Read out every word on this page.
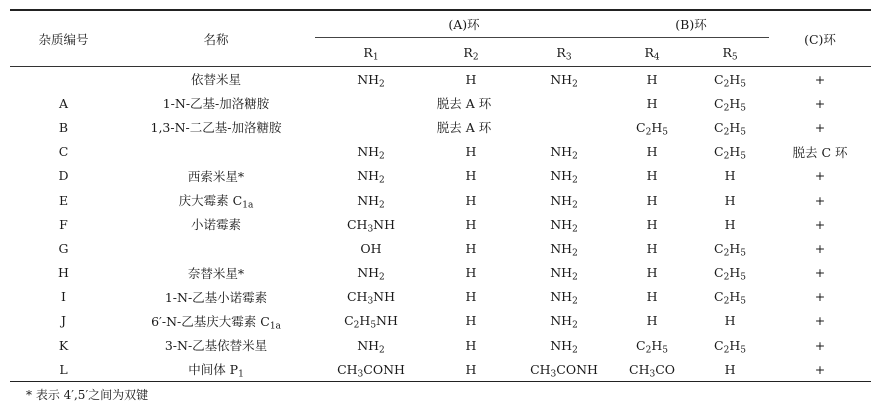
杂质编号	名称	(A)环			(B)环		(C)环
		$R_1$	$R_2$	$R_3$	$R_4$	$R_5$
	依替米星	$NH_2$	H	$NH_2$	H	$C_2H_5$	+
A	1-N-乙基-加洛糖胺	脱去 A 环			H	$C_2H_5$	+
B	1,3-N-二乙基-加洛糖胺	脱去 A 环			$C_2H_5$	$C_2H_5$	+
C		$NH_2$	H	$NH_2$	H	$C_2H_5$	脱去 C 环
D	西索米星*	$NH_2$	H	$NH_2$	H	H	+
E	庆大霉素 $C_{1a}$	$NH_2$	H	$NH_2$	H	H	+
F	小诺霉素	$CH_3NH$	H	$NH_2$	H	H	+
G		OH	H	$NH_2$	H	$C_2H_5$	+
H	奈替米星*	$NH_2$	H	$NH_2$	H	$C_2H_5$	+
I	1-N-乙基小诺霉素	$CH_3NH$	H	$NH_2$	H	$C_2H_5$	+
J	6′-N-乙基庆大霉素 $C_{1a}$	$C_2H_5NH$	H	$NH_2$	H	H	+
K	3-N-乙基依替米星	$NH_2$	H	$NH_2$	$C_2H_5$	$C_2H_5$	+
L	中间体 $P_1$	$CH_3CONH$	H	$CH_3CONH$	$CH_3CO$	H	+
* 表示 4′,5′之间为双键
